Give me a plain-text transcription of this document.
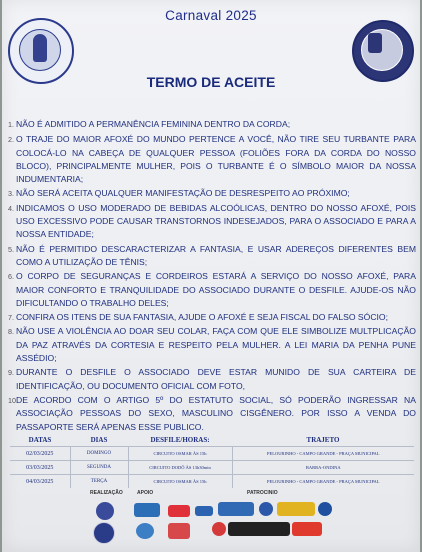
Carnaval 2025
TERMO DE ACEITE
1. NÃO É ADMITIDO A PERMANÊNCIA FEMININA DENTRO DA CORDA;
2. O TRAJE DO MAIOR AFOXÉ DO MUNDO PERTENCE A VOCÊ, NÃO TIRE SEU TURBANTE PARA COLOCÁ-LO NA CABEÇA DE QUALQUER PESSOA (FOLIÕES FORA DA CORDA DO NOSSO BLOCO), PRINCIPALMENTE MULHER, POIS O TURBANTE É O SÍMBOLO MAIOR DA NOSSA INDUMENTARIA;
3. NÃO SERÁ ACEITA QUALQUER MANIFESTAÇÃO DE DESRESPEITO AO PRÓXIMO;
4. INDICAMOS O USO MODERADO DE BEBIDAS ALCOÓLICAS, DENTRO DO NOSSO AFOXÉ, POIS USO EXCESSIVO PODE CAUSAR TRANSTORNOS INDESEJADOS, PARA O ASSOCIADO E PARA A NOSSA ENTIDADE;
5. NÃO É PERMITIDO DESCARACTERIZAR A FANTASIA, E USAR ADEREÇOS DIFERENTES BEM COMO A UTILIZAÇÃO DE TÊNIS;
6. O CORPO DE SEGURANÇAS E CORDEIROS ESTARÁ A SERVIÇO DO NOSSO AFOXÉ, PARA MAIOR CONFORTO E TRANQUILIDADE DO ASSOCIADO DURANTE O DESFILE. AJUDE-OS NÃO DIFICULTANDO O TRABALHO DELES;
7. CONFIRA OS ITENS DE SUA FANTASIA, AJUDE O AFOXÉ E SEJA FISCAL DO FALSO SÓCIO;
8. NÃO USE A VIOLÊNCIA AO DOAR SEU COLAR, FAÇA COM QUE ELE SIMBOLIZE MULTPLICAÇÃO DA PAZ ATRAVÉS DA CORTESIA E RESPEITO PELA MULHER. A LEI MARIA DA PENHA PUNE ASSÉDIO;
9. DURANTE O DESFILE O ASSOCIADO DEVE ESTAR MUNIDO DE SUA CARTEIRA DE IDENTIFICAÇÃO, OU DOCUMENTO OFICIAL COM FOTO,
10.
DE ACORDO COM O ARTIGO 5º DO ESTATUTO SOCIAL, SÓ PODERÃO INGRESSAR NA ASSOCIAÇÃO PESSOAS DO SEXO, MASCULINO CISGÊNERO. POR ISSO A VENDA DO PASSAPORTE SERÁ APENAS ESSE PUBLICO.
DATAS	DIAS	DESFILE/HORAS:	TRAJETO
02/03/2025	DOMINGO	CIRCUITO OSMAR ÀS 15h	PELOURINHO - CAMPO GRANDE - PRAÇA MUNICIPAL
03/03/2025	SEGUNDA	CIRCUITO DODÔ ÀS 13h30min	BARRA-ONDINA
04/03/2025	TERÇA	CIRCUITO OSMAR ÀS 15h	PELOURINHO - CAMPO GRANDE - PRAÇA MUNICIPAL
REALIZAÇÃO	APOIO	PATROCINIO
